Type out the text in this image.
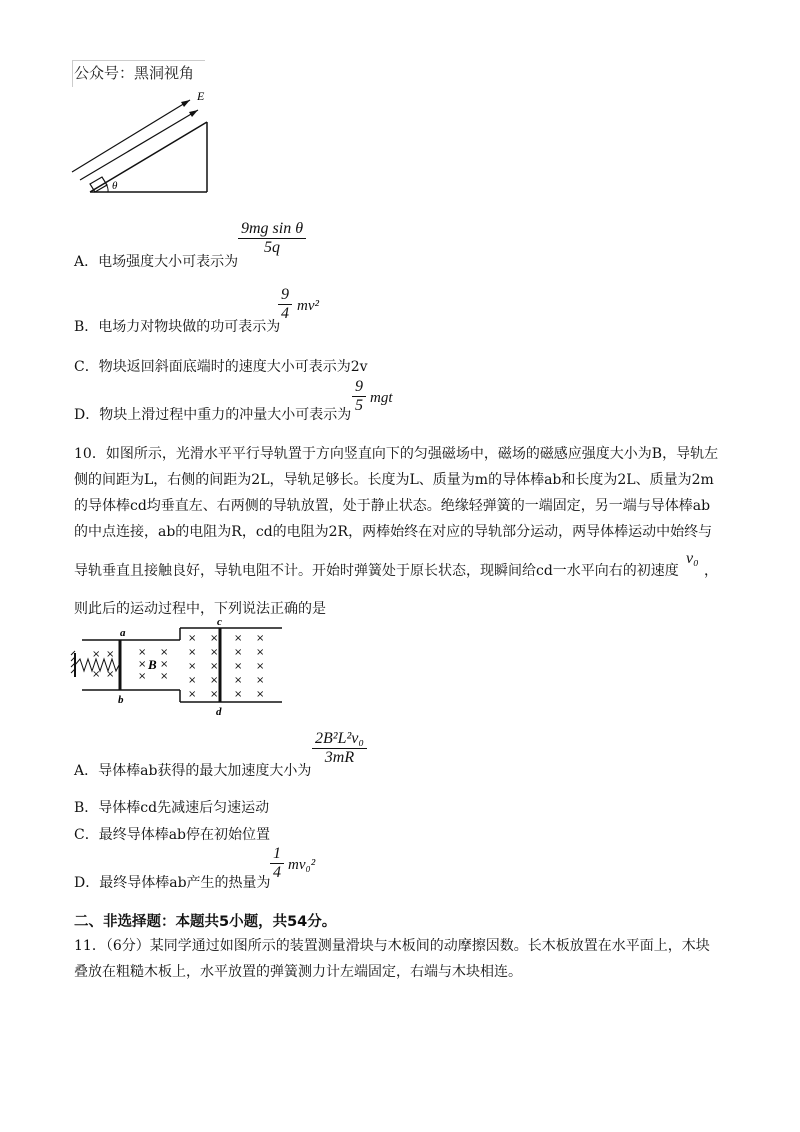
公众号：黑洞视角
E
θ
A．电场强度大小可表示为
9mg sin θ
5q
B．电场力对物块做的功可表示为
9
4 mv²
C．物块返回斜面底端时的速度大小可表示为2v
D．物块上滑过程中重力的冲量大小可表示为
9
5 mgt
10．如图所示，光滑水平平行导轨置于方向竖直向下的匀强磁场中，磁场的磁感应强度大小为B，导轨左
侧的间距为L，右侧的间距为2L，导轨足够长。长度为L、质量为m的导体棒ab和长度为2L、质量为2m
的导体棒cd均垂直左、右两侧的导轨放置，处于静止状态。绝缘轻弹簧的一端固定，另一端与导体棒ab
的中点连接，ab的电阻为R，cd的电阻为2R，两棒始终在对应的导轨部分运动，两导体棒运动中始终与
导轨垂直且接触良好，导轨电阻不计。开始时弹簧处于原长状态，现瞬间给cd一水平向右的初速度
v₀
，
则此后的运动过程中，下列说法正确的是
a
b
c
d
B
×
×
×
×
×
×
×
×
×
×
×
×
×
×
×
×
×
×
×
×
×
×
×
×
×
×
×
×
×
×
A．导体棒ab获得的最大加速度大小为
2B²L²v₀
3mR
B．导体棒cd先减速后匀速运动
C．最终导体棒ab停在初始位置
D．最终导体棒ab产生的热量为
1
4 mv₀²
二、非选择题：本题共5小题，共54分。
11．（6分）某同学通过如图所示的装置测量滑块与木板间的动摩擦因数。长木板放置在水平面上，木块
叠放在粗糙木板上，水平放置的弹簧测力计左端固定，右端与木块相连。
